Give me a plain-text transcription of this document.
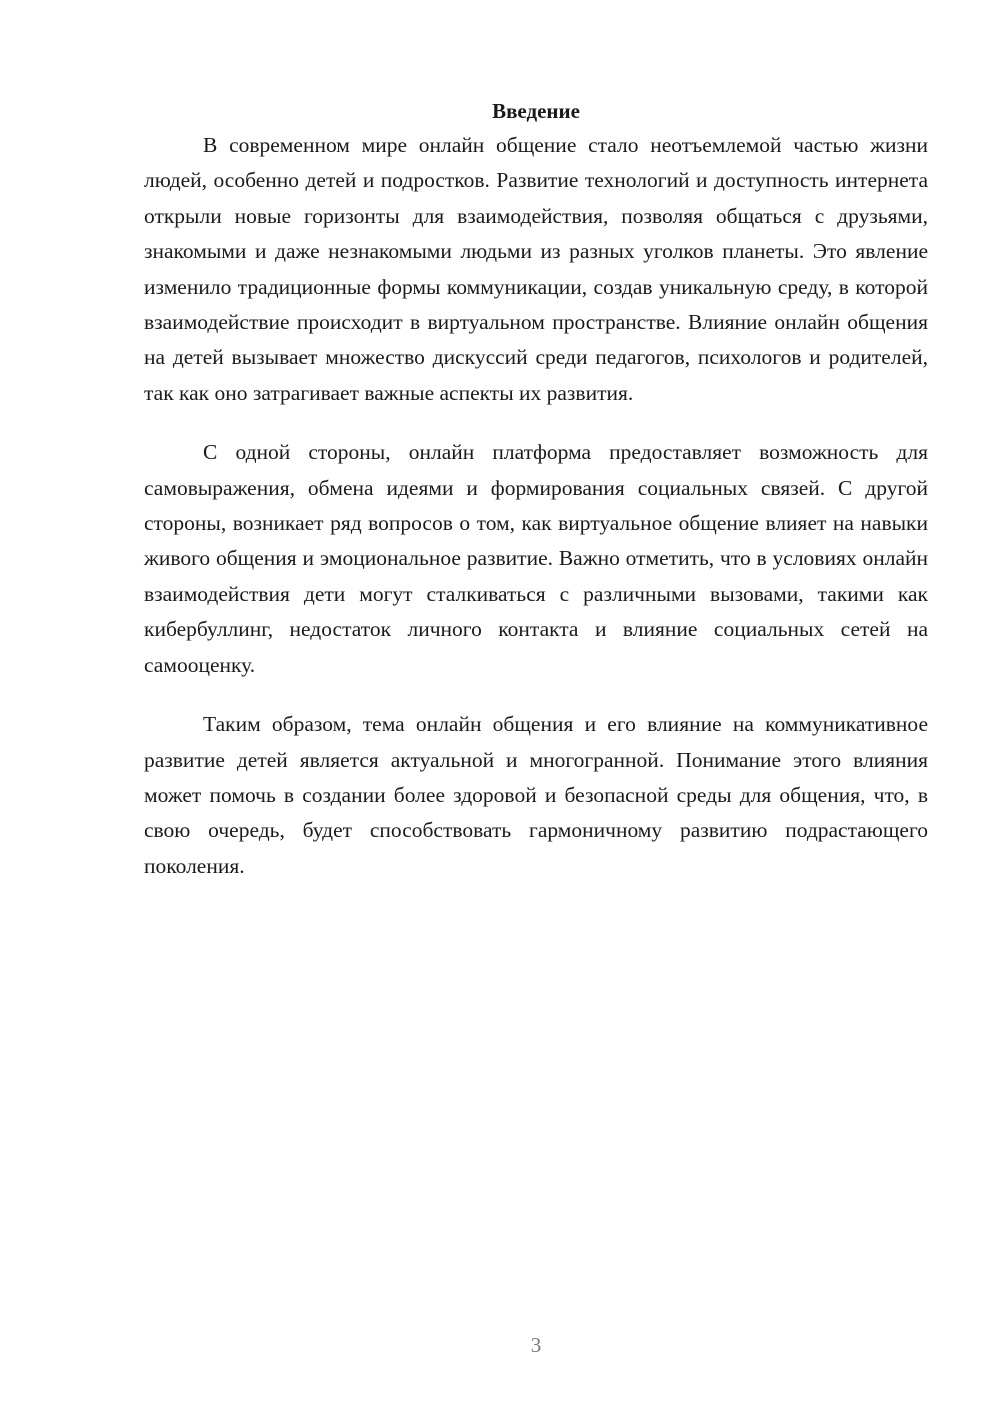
Введение

В современном мире онлайн общение стало неотъемлемой частью жизни людей, особенно детей и подростков. Развитие технологий и доступность интернета открыли новые горизонты для взаимодействия, позволяя общаться с друзьями, знакомыми и даже незнакомыми людьми из разных уголков планеты. Это явление изменило традиционные формы коммуникации, создав уникальную среду, в которой взаимодействие происходит в виртуальном пространстве. Влияние онлайн общения на детей вызывает множество дискуссий среди педагогов, психологов и родителей, так как оно затрагивает важные аспекты их развития.

С одной стороны, онлайн платформа предоставляет возможность для самовыражения, обмена идеями и формирования социальных связей. С другой стороны, возникает ряд вопросов о том, как виртуальное общение влияет на навыки живого общения и эмоциональное развитие. Важно отметить, что в условиях онлайн взаимодействия дети могут сталкиваться с различными вызовами, такими как кибербуллинг, недостаток личного контакта и влияние социальных сетей на самооценку.

Таким образом, тема онлайн общения и его влияние на коммуникативное развитие детей является актуальной и многогранной. Понимание этого влияния может помочь в создании более здоровой и безопасной среды для общения, что, в свою очередь, будет способствовать гармоничному развитию подрастающего поколения.

3
